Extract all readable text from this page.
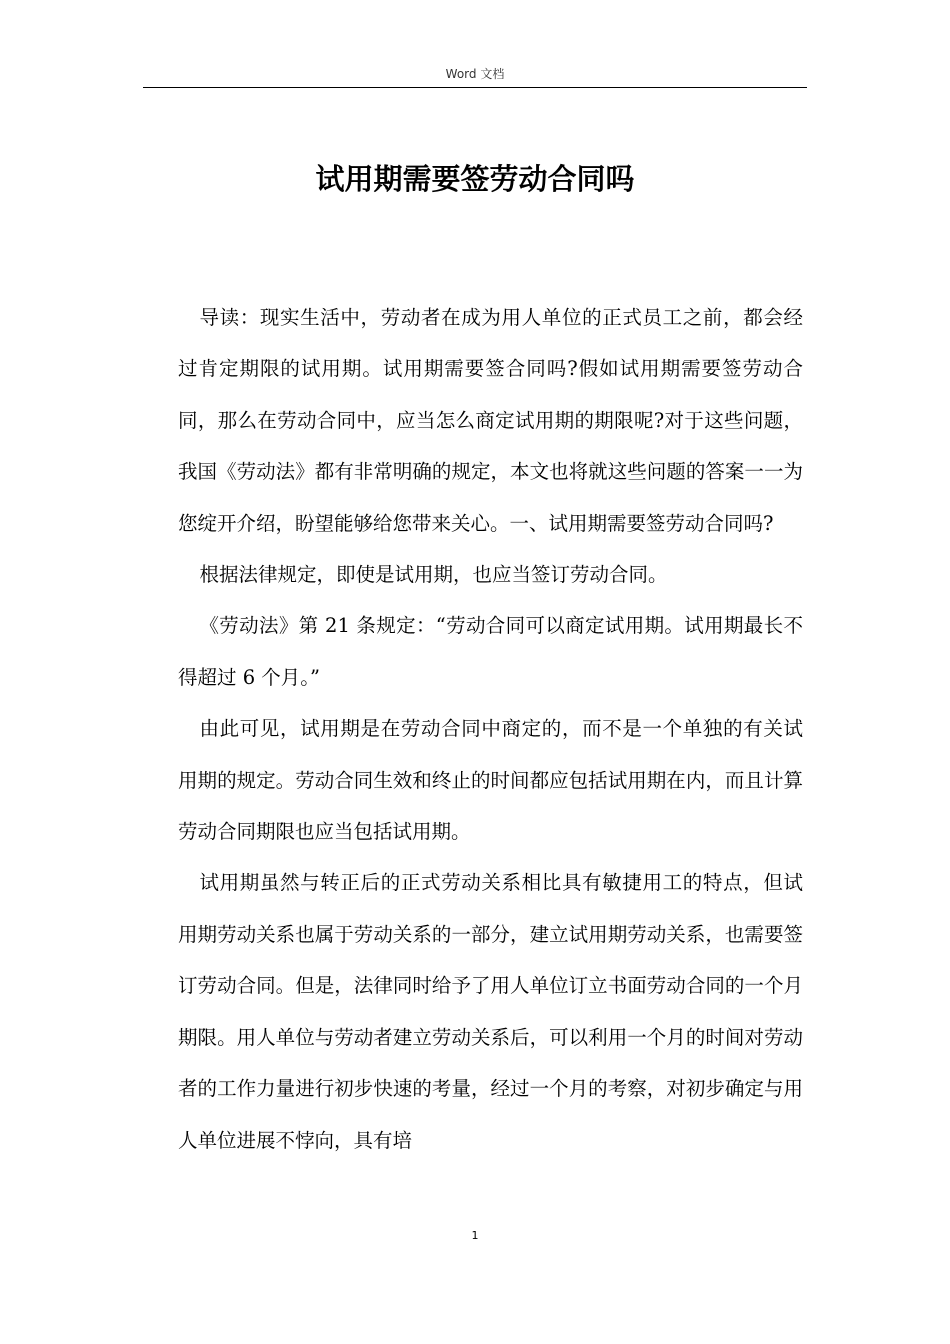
Word 文档
试用期需要签劳动合同吗

导读：现实生活中，劳动者在成为用人单位的正式员工之前，都会经过肯定期限的试用期。试用期需要签合同吗?假如试用期需要签劳动合同，那么在劳动合同中，应当怎么商定试用期的期限呢?对于这些问题，我国《劳动法》都有非常明确的规定，本文也将就这些问题的答案一一为您绽开介绍，盼望能够给您带来关心。一、试用期需要签劳动合同吗?

根据法律规定，即使是试用期，也应当签订劳动合同。

《劳动法》第 21 条规定：“劳动合同可以商定试用期。试用期最长不得超过 6 个月。”

由此可见，试用期是在劳动合同中商定的，而不是一个单独的有关试用期的规定。劳动合同生效和终止的时间都应包括试用期在内，而且计算劳动合同期限也应当包括试用期。

试用期虽然与转正后的正式劳动关系相比具有敏捷用工的特点，但试用期劳动关系也属于劳动关系的一部分，建立试用期劳动关系，也需要签订劳动合同。但是，法律同时给予了用人单位订立书面劳动合同的一个月期限。用人单位与劳动者建立劳动关系后，可以利用一个月的时间对劳动者的工作力量进行初步快速的考量，经过一个月的考察，对初步确定与用人单位进展不悖向，具有培

1
